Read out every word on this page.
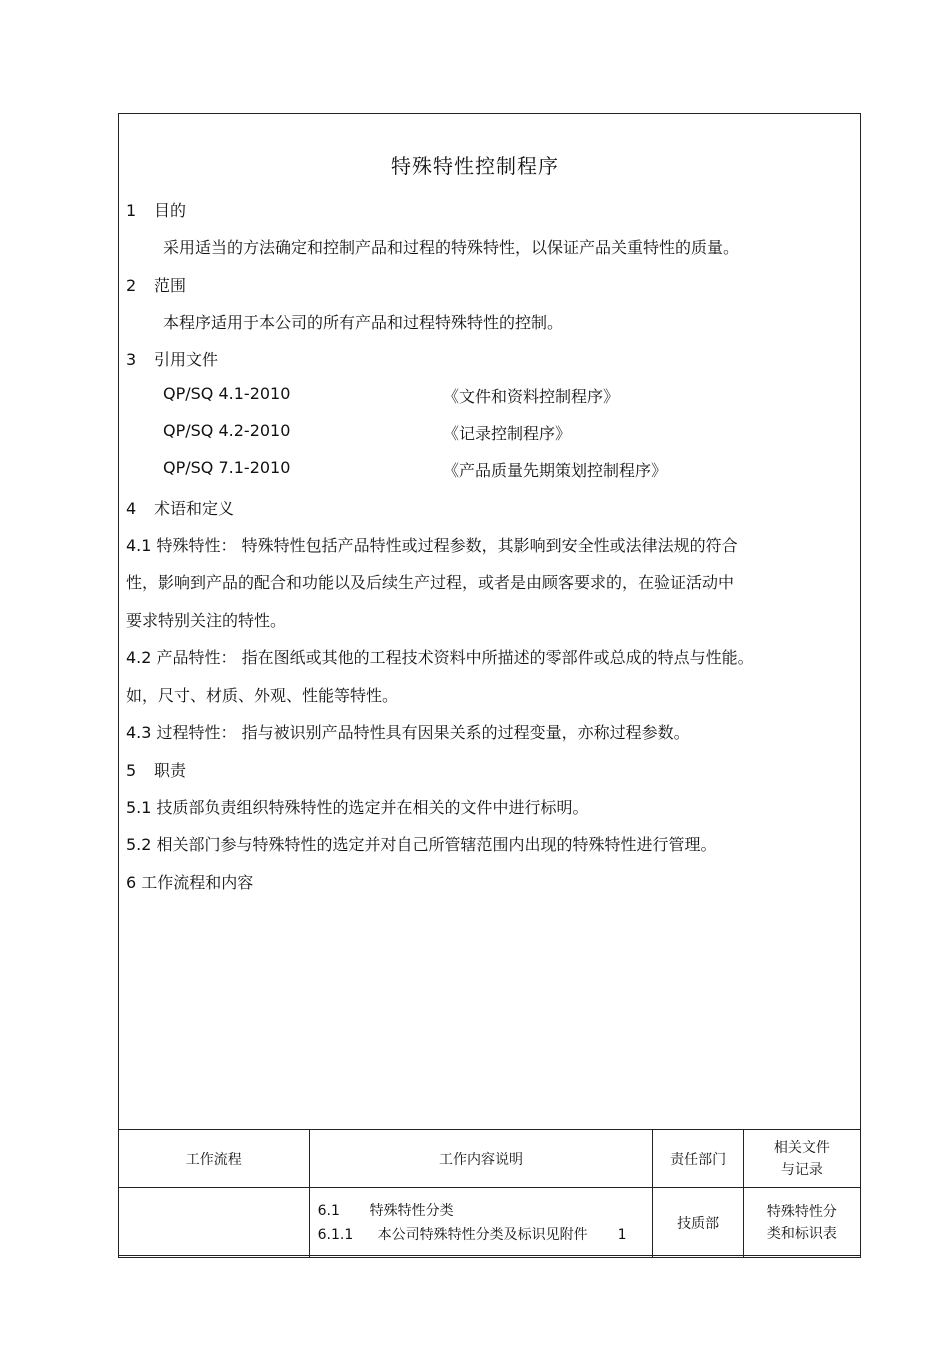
特殊特性控制程序
1 目的
采用适当的方法确定和控制产品和过程的特殊特性，以保证产品关重特性的质量。
2 范围
本程序适用于本公司的所有产品和过程特殊特性的控制。
3 引用文件
QP/SQ 4.1-2010	《文件和资料控制程序》
QP/SQ 4.2-2010	《记录控制程序》
QP/SQ 7.1-2010	《产品质量先期策划控制程序》
4 术语和定义
4.1 特殊特性： 特殊特性包括产品特性或过程参数，其影响到安全性或法律法规的符合
性，影响到产品的配合和功能以及后续生产过程，或者是由顾客要求的，在验证活动中
要求特别关注的特性。
4.2 产品特性： 指在图纸或其他的工程技术资料中所描述的零部件或总成的特点与性能。
如，尺寸、材质、外观、性能等特性。
4.3 过程特性： 指与被识别产品特性具有因果关系的过程变量，亦称过程参数。
5 职责
5.1 技质部负责组织特殊特性的选定并在相关的文件中进行标明。
5.2 相关部门参与特殊特性的选定并对自己所管辖范围内出现的特殊特性进行管理。
6 工作流程和内容
工作流程	工作内容说明	责任部门	相关文件
与记录

	6.1 特殊特性分类
6.1.1 本公司特殊特性分类及标识见附件 1	技质部	特殊特性分
类和标识表
